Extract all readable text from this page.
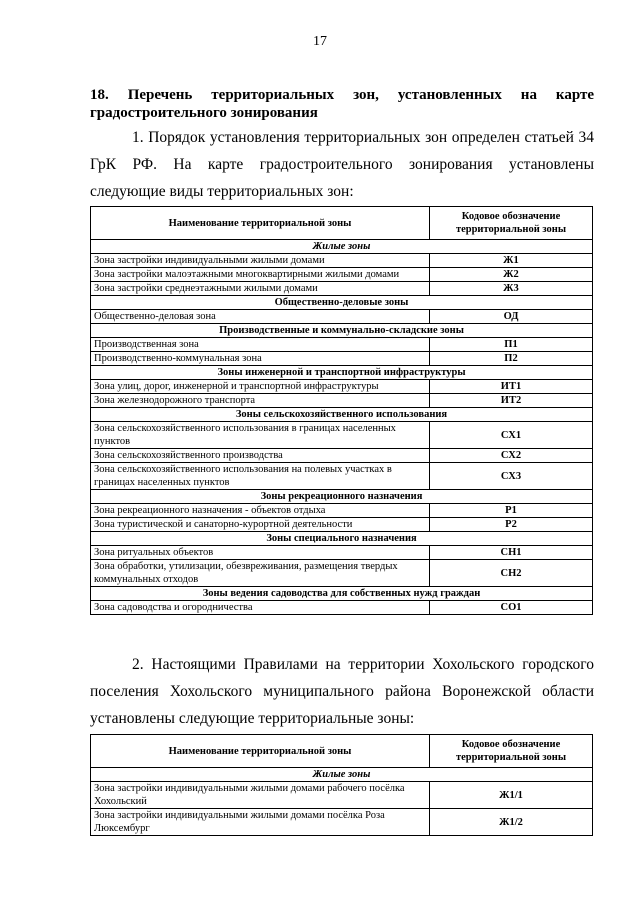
17
18. Перечень территориальных зон, установленных на карте градостроительного зонирования
1. Порядок установления территориальных зон определен статьей 34 ГрК РФ. На карте градостроительного зонирования установлены следующие виды территориальных зон:
Наименование территориальной зоны	Кодовое обозначение территориальной зоны
Жилые зоны	
Зона застройки индивидуальными жилыми домами	Ж1
Зона застройки малоэтажными многоквартирными жилыми домами	Ж2
Зона застройки среднеэтажными жилыми домами	Ж3
Общественно-деловые зоны	
Общественно-деловая зона	ОД
Производственные и коммунально-складские зоны	
Производственная зона	П1
Производственно-коммунальная зона	П2
Зоны инженерной и транспортной инфраструктуры	
Зона улиц, дорог, инженерной и транспортной инфраструктуры	ИТ1
Зона железнодорожного транспорта	ИТ2
Зоны сельскохозяйственного использования	
Зона сельскохозяйственного использования в границах населенных пунктов	СХ1
Зона сельскохозяйственного производства	СХ2
Зона сельскохозяйственного использования на полевых участках в границах населенных пунктов	СХ3
Зоны рекреационного назначения	
Зона рекреационного назначения - объектов отдыха	Р1
Зона туристической и санаторно-курортной деятельности	Р2
Зоны специального назначения	
Зона ритуальных объектов	СН1
Зона обработки, утилизации, обезвреживания, размещения твердых коммунальных отходов	СН2
Зоны ведения садоводства для собственных нужд граждан	
Зона садоводства и огородничества	СО1
2. Настоящими Правилами на территории Хохольского городского поселения Хохольского муниципального района Воронежской области установлены следующие территориальные зоны:
Наименование территориальной зоны	Кодовое обозначение территориальной зоны
Жилые зоны	
Зона застройки индивидуальными жилыми домами рабочего посёлка Хохольский	Ж1/1
Зона застройки индивидуальными жилыми домами посёлка Роза Люксембург	Ж1/2
